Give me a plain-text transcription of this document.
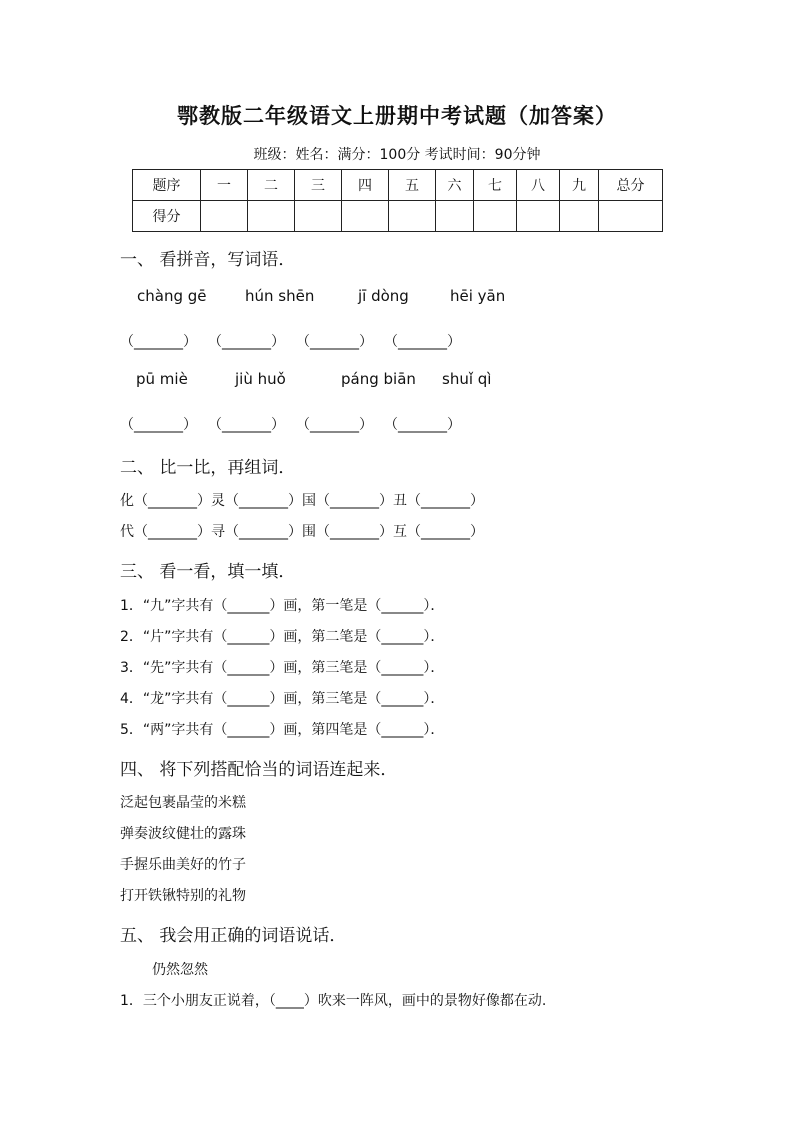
鄂教版二年级语文上册期中考试题（加答案）
班级：姓名：满分：100分 考试时间：90分钟
题序	一	二	三	四	五	六	七	八	九	总分
得分										
一、 看拼音，写词语．
chàng gē	hún shēn	jī dòng	hēi yān
（_______） （_______） （_______） （_______）
pū miè	jiù huǒ	páng biān shuǐ qì
（_______） （_______） （_______） （_______）
二、 比一比，再组词．
化（_______）灵（_______）国（_______）丑（_______）
代（_______）寻（_______）围（_______）互（_______）
三、 看一看，填一填．
1．“九”字共有（______）画，第一笔是（______）．
2．“片”字共有（______）画，第二笔是（______）．
3．“先”字共有（______）画，第三笔是（______）．
4．“龙”字共有（______）画，第三笔是（______）．
5．“两”字共有（______）画，第四笔是（______）．
四、 将下列搭配恰当的词语连起来．
泛起包裹晶莹的米糕
弹奏波纹健壮的露珠
手握乐曲美好的竹子
打开铁锹特别的礼物
五、 我会用正确的词语说话．
仍然忽然
1．三个小朋友正说着，（____）吹来一阵风，画中的景物好像都在动.
